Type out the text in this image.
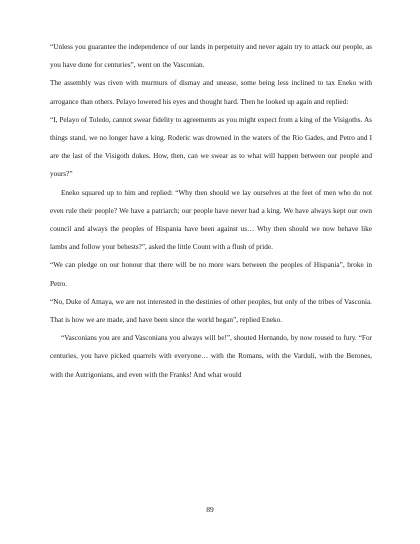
“Unless you guarantee the independence of our lands in perpetuity and never again try to attack our people, as you have done for centuries”, went on the Vasconian.

The assembly was riven with murmurs of dismay and unease, some being less inclined to tax Eneko with arrogance than others. Pelayo lowered his eyes and thought hard. Then he looked up again and replied:

“I, Pelayo of Toledo, cannot swear fidelity to agreements as you might expect from a king of the Visigoths. As things stand, we no longer have a king. Roderic was drowned in the waters of the Rio Gades, and Petro and I are the last of the Visigoth dukes. How, then, can we swear as to what will happen between our people and yours?”

Eneko squared up to him and replied: “Why then should we lay ourselves at the feet of men who do not even rule their people? We have a patriarch; our people have never had a king. We have always kept our own council and always the peoples of Hispania have been against us… Why then should we now behave like lambs and follow your behests?”, asked the little Count with a flush of pride.

“We can pledge on our honour that there will be no more wars between the peoples of Hispania”, broke in Petro.

“No, Duke of Amaya, we are not interested in the destinies of other peoples, but only of the tribes of Vasconia. That is how we are made, and have been since the world began”, replied Eneko.

“Vasconians you are and Vasconians you always will be!”, shouted Hernando, by now roused to fury. “For centuries, you have picked quarrels with everyone… with the Romans, with the Varduli, with the Berones, with the Autrigonians, and even with the Franks! And what would

89
